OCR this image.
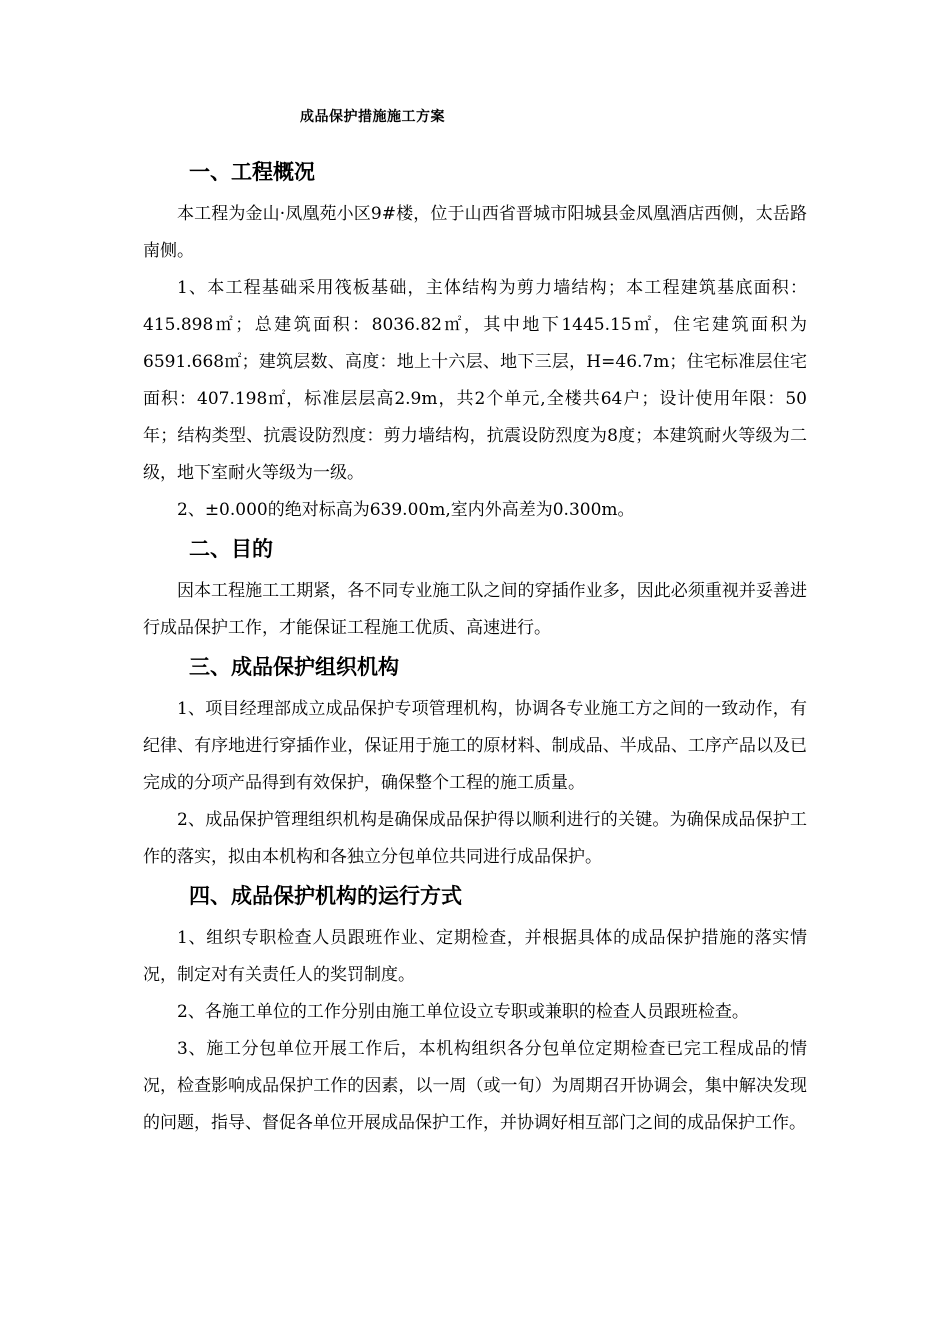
成品保护措施施工方案
一、工程概况

本工程为金山·凤凰苑小区9#楼，位于山西省晋城市阳城县金凤凰酒店西侧，太岳路南侧。

1、本工程基础采用筏板基础，主体结构为剪力墙结构；本工程建筑基底面积：415.898㎡；总建筑面积：8036.82㎡，其中地下1445.15㎡，住宅建筑面积为6591.668㎡；建筑层数、高度：地上十六层、地下三层，H=46.7m；住宅标准层住宅面积：407.198㎡，标准层层高2.9m，共2个单元,全楼共64户；设计使用年限：50年；结构类型、抗震设防烈度：剪力墙结构，抗震设防烈度为8度；本建筑耐火等级为二级，地下室耐火等级为一级。

2、±0.000的绝对标高为639.00m,室内外高差为0.300m。

二、目的

因本工程施工工期紧，各不同专业施工队之间的穿插作业多，因此必须重视并妥善进行成品保护工作，才能保证工程施工优质、高速进行。

三、成品保护组织机构

1、项目经理部成立成品保护专项管理机构，协调各专业施工方之间的一致动作，有纪律、有序地进行穿插作业，保证用于施工的原材料、制成品、半成品、工序产品以及已完成的分项产品得到有效保护，确保整个工程的施工质量。

2、成品保护管理组织机构是确保成品保护得以顺利进行的关键。为确保成品保护工作的落实，拟由本机构和各独立分包单位共同进行成品保护。

四、成品保护机构的运行方式

1、组织专职检查人员跟班作业、定期检查，并根据具体的成品保护措施的落实情况，制定对有关责任人的奖罚制度。

2、各施工单位的工作分别由施工单位设立专职或兼职的检查人员跟班检查。

3、施工分包单位开展工作后，本机构组织各分包单位定期检查已完工程成品的情况，检查影响成品保护工作的因素，以一周（或一旬）为周期召开协调会，集中解决发现的问题，指导、督促各单位开展成品保护工作，并协调好相互部门之间的成品保护工作。
